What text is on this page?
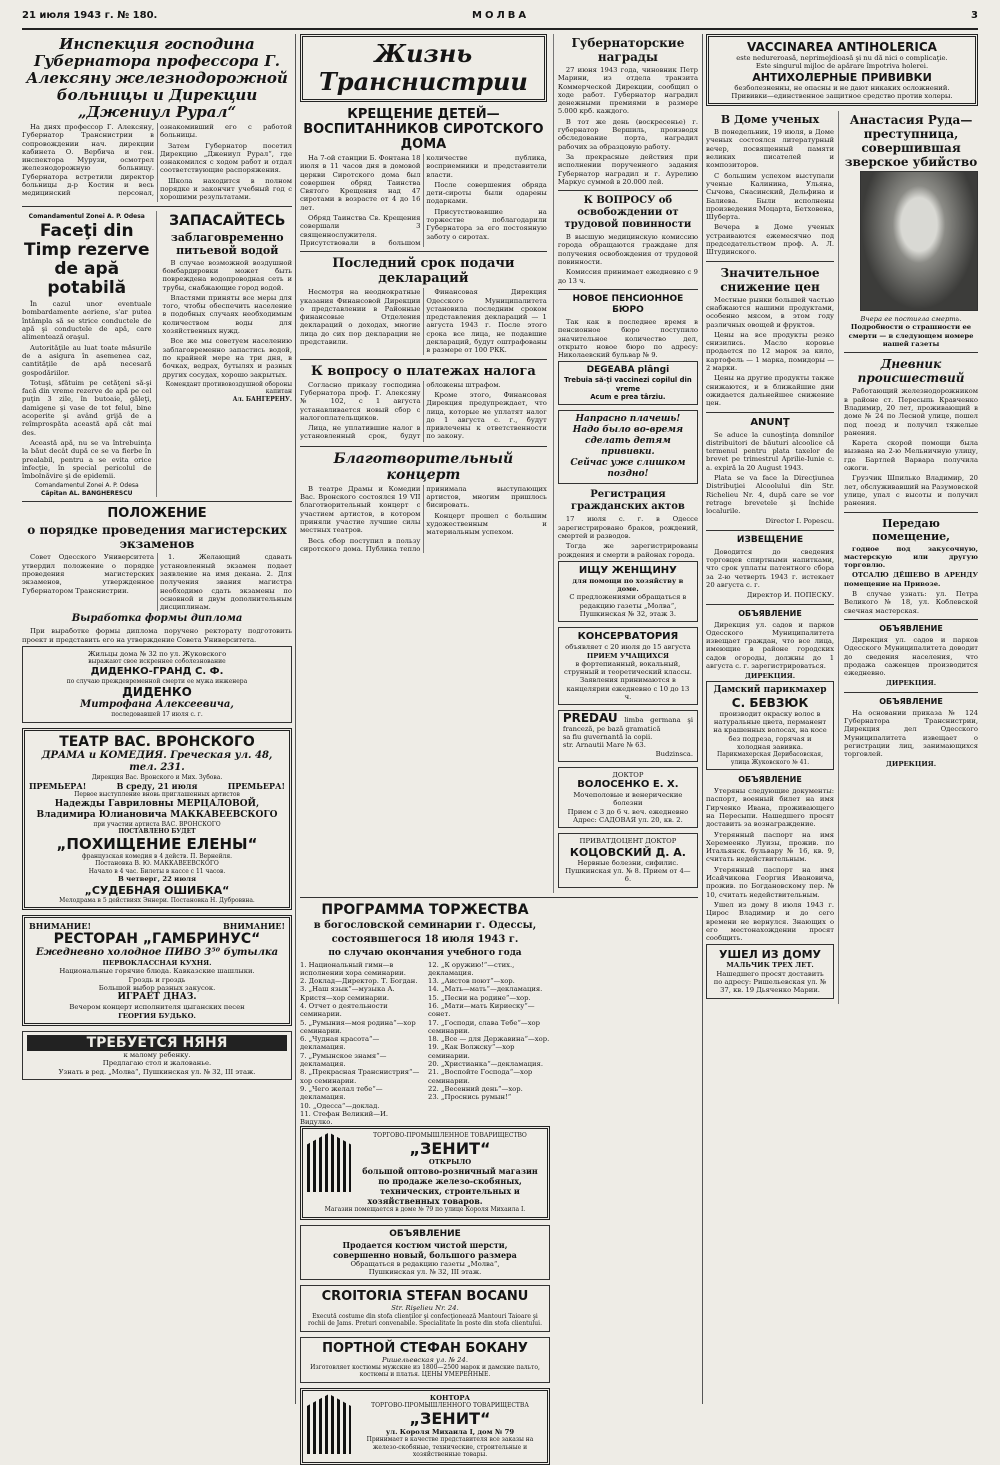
21 июля 1943 г. № 180.	МОЛВА	3
Инспекция господина Губернатора профессора Г. Алексяну железнодорожной больницы и Дирекции „Джениул Рурал“

На днях профессор Г. Алексяну, Губернатор Транснистрии в сопровождении нач. дирекции кабинета О. Вербича и ген. инспектора Мурузи, осмотрел железнодорожную больницу. Губернатора встретили директор больницы д-р Костин и весь медицинский персонал, ознакомивший его с работой больницы.

Затем Губернатор посетил Дирекцию „Джениул Рурал“, где ознакомился с ходом работ и отдал соответствующие распоряжения.

Школа находится в полном порядке и закончит учебный год с хорошими результатами.

Comandamentul Zonei A. P. Odesa
Faceţi din Timp rezerve de apă potabilă

În cazul unor eventuale bombardamente aeriene, s'ar putea întâmpla să se strice conductele de apă şi conductele de apă, care alimentează oraşul.

Autorităţile au luat toate măsurile de a asigura în asemenea caz, cantităţile de apă necesară gospodăriilor.

Totuşi, sfătuim pe cetăţeni să-şi facă din vreme rezerve de apă pe cel puţin 3 zile, în butoaie, găleţi, damigene şi vase de tot felul, bine acoperite şi având grijă de a reîmprospăta această apă cât mai des.

Această apă, nu se va întrebuinţa la băut decât după ce se va fierbe în prealabil, pentru a se evita orice infecţie, în special pericolul de îmbolnăvire şi de epidemii.

Comandamentul Zonei A. P. Odesa
Căpitan AL. BANGHERESCU
ЗАПАСАЙТЕСЬ
заблаговременно питьевой водой

В случае возможной воздушной бомбардировки может быть повреждена водопроводная сеть и трубы, снабжающие город водой.

Властями приняты все меры для того, чтобы обеспечить население в подобных случаях необходимым количеством воды для хозяйственных нужд.

Все же мы советуем населению заблаговременно запастись водой, по крайней мере на три дня, в бочках, ведрах, бутылях и разных других сосудах, хорошо закрытых.

Комендант противовоздушной обороны капитан
Ал. БАНГЕРЕНУ.
ПОЛОЖЕНИЕ
о порядке проведения магистерских экзаменов

Совет Одесского Университета утвердил положение о порядке проведения магистерских экзаменов, утвержденное Губернатором Транснистрии.

1. Желающий сдавать установленный экзамен подает заявление на имя декана. 2. Для получения звания магистра необходимо сдать экзамены по основной и двум дополнительным дисциплинам.

Выработка формы диплома

При выработке формы диплома поручено ректорату подготовить проект и представить его на утверждение Совета Университета.

Жильцы дома № 32 по ул. Жуковского
выражают свое искреннее соболезнование
ДИДЕНКО-ГРАНД С. Ф.
по случаю преждевременной смерти ее мужа инженера
ДИДЕНКО
Митрофана Алексеевича,
последовавшей 17 июля с. г.
ТЕАТР ВАС. ВРОНСКОГО
ДРАМА и КОМЕДИЯ. Греческая ул. 48, тел. 231.
Дирекция Вас. Вронского и Мих. Зубова.
ПРЕМЬЕРА!	В среду, 21 июля	ПРЕМЬЕРА!
Первое выступление вновь приглашенных артистов
Надежды Гавриловны МЕРЦАЛОВОЙ,
Владимира Юлиановича МАККАВЕЕВСКОГО
при участии артиста ВАС. ВРОНСКОГО
ПОСТАВЛЕНО БУДЕТ
„ПОХИЩЕНИЕ ЕЛЕНЫ“
французская комедия в 4 действ. П. Вернейля.
Постановка В. Ю. МАККАВЕЕВСКОГО
Начало в 4 час. Билеты в кассе с 11 часов.
В четверг, 22 июля
„СУДЕБНАЯ ОШИБКА“
Мелодрама в 5 действиях Эннери. Постановка Н. Дуброввна.
ВНИМАНИЕ!	ВНИМАНИЕ!
РЕСТОРАН „ГАМБРИНУС“
Ежедневно холодное ПИВО 3⁵⁰ бутылка
ПЕРВОКЛАССНАЯ КУХНЯ.
Национальные горячие блюда. Кавказские шашлыки.
Гроздь и гроздь
Большой выбор разных закусок.
ИГРАЕТ ДНАЗ.
Вечером концерт исполнителя цыганских песен
ГЕОРГИЯ БУДЬКО.
ТРЕБУЕТСЯ НЯНЯ
к малому ребенку.
Предлагаю стол и жалованье.
Узнать в ред. „Молва“, Пушкинская ул. № 32, III этаж.
Жизнь Транснистрии
КРЕЩЕНИЕ ДЕТЕЙ— ВОСПИТАННИКОВ СИРОТСКОГО ДОМА

На 7-ой станции Б. Фонтана 18 июля в 11 часов дня в домовой церкви Сиротского дома был совершен обряд Таинства Святого Крещения над 47 сиротами в возрасте от 4 до 16 лет.

Обряд Таинства Св. Крещения совершали 3 священнослужителя. Присутствовали в большом количестве публика, восприемники и представители власти.

После совершения обряда дети-сироты были одарены подарками.

Присутствовавшие на торжестве поблагодарили Губернатора за его постоянную заботу о сиротах.

Последний срок подачи деклараций

Несмотря на неоднократные указания Финансовой Дирекции о представлении в Районные финансовые Отделения деклараций о доходах, многие лица до сих пор декларации не представили.

Финансовая Дирекция Одесского Муниципалитета установила последним сроком представления деклараций — 1 августа 1943 г. После этого срока все лица, не подавшие деклараций, будут оштрафованы в размере от 100 РКК.

К вопросу о платежах налога

Согласно приказу господина Губернатора проф. Г. Алексяну № 102, с 1 августа устанавливается новый сбор с налогоплательщиков.

Лица, не уплатившие налог в установленный срок, будут обложены штрафом.

Кроме этого, Финансовая Дирекция предупреждает, что лица, которые не уплатят налог до 1 августа с. г., будут привлечены к ответственности по закону.

Благотворительный концерт

В театре Драмы и Комедии Вас. Вронского состоялся 19 VII благотворительный концерт с участием артистов, в котором приняли участие лучшие силы местных театров.

Весь сбор поступил в пользу сиротского дома. Публика тепло принимала выступающих артистов, многим пришлось бисировать.

Концерт прошел с большим художественным и материальным успехом.

Губернаторские награды

27 июня 1943 года, чиновник Петр Марини, из отдела транзита Коммерческой Дирекции, сообщил о ходе работ. Губернатор наградил денежными премиями в размере 5.000 крб. каждого.

В тот же день (воскресенье) г. губернатор Вершиль, производя обследование порта, наградил рабочих за образцовую работу.

За прекрасные действия при исполнении порученного задания Губернатор наградил и г. Аурелию Маркус суммой в 20.000 лей.

К ВОПРОСУ об освобождении от трудовой повинности

В высшую медицинскую комиссию города обращаются граждане для получения освобождения от трудовой повинности.

Комиссия принимает ежедневно с 9 до 13 ч.

НОВОЕ ПЕНСИОННОЕ БЮРО

Так как в последнее время в пенсионное бюро поступило значительное количество дел, открыто новое бюро по адресу: Николаевский бульвар № 9.

DEGEABA plângi
Trebuia să-ţi vaccinezi copilul din vreme
Acum e prea târziu.
Напрасно плачешь! Надо было во-время сделать детям прививки.
Сейчас уже слишком поздно!
Регистрация гражданских актов

17 июля с. г. в Одессе зарегистрировано браков, рождений, смертей и разводов.

Тогда же зарегистрированы рождения и смерти в районах города.

ИЩУ ЖЕНЩИНУ
для помощи по хозяйству в доме.
С предложениями обращаться в редакцию газеты „Молва“, Пушкинская № 32, этаж 3.
КОНСЕРВАТОРИЯ
объявляет с 20 июля до 15 августа
ПРИЕМ УЧАЩИХСЯ
в фортепианный, вокальный, струнный и теоретический классы. Заявления принимаются в канцелярии ежедневно с 10 до 13 ч.
PREDAU limba germana şi franceză, pe bază gramatică
sa fiu guvernantă la copii.
str. Arnautii Mare № 63.
Budzinsca.
ДОКТОР
ВОЛОСЕНКО Е. Х.
Мочеполовые и венерические болезни
Прием с 3 до 6 ч. веч. ежедневно
Адрес: САДОВАЯ ул. 20, кв. 2.
ПРИВАТДОЦЕНТ ДОКТОР
КОЦОВСКИЙ Д. А.
Нервные болезни, сифилис.
Пушкинская ул. № 8. Прием от 4—6.
ПРОГРАММА ТОРЖЕСТВА
в богословской семинарии г. Одессы,
состоявшегося 18 июля 1943 г.
по случаю окончания учебного года
1. Национальный гимн—в исполнении хора семинарии.
2. Доклад—Директор. Т. Богдан.
3. „Наш язык“—музыка А. Кристя—хор семинарии.
4. Отчет о деятельности семинарии.
5. „Румыния—моя родина“—хор семинарии.
6. „Чудная красота“—декламация.
7. „Румынское знамя“—декламация.
8. „Прекрасная Транснистрия“—хор семинарии.
9. „Чего желал тебе“—декламация.
10. „Одесса“—доклад.
11. Стефан Великий—И. Видулко.
12. „К оружию!“—стих., декламация.
13. „Аистов поют“—хор.
14. „Мать—мать“—декламация.
15. „Песни на родине“—хор.
16. „Мати—мать Кириеску“—сонет.
17. „Господи, слава Тебе“—хор семинарии.
18. „Все — для Державина“—хор.
19. „Как Волжску“—хор семинарии.
20. „Христианка“—декламация.
21. „Воспойте Господа“—хор семинарии.
22. „Весенний день“—хор.
23. „Проснись румын!“
ТОРГОВО-ПРОМЫШЛЕННОЕ ТОВАРИЩЕСТВО
„ЗЕНИТ“
ОТКРЫЛО
большой оптово-розничный магазин по продаже железо-скобяных, технических, строительных и хозяйственных товаров.
Магазин помещается в доме № 79 по улице Короля Михаила I.
ОБЪЯВЛЕНИЕ
Продается костюм чистой шерсти,
совершенно новый, большого размера
Обращаться в редакцию газеты „Молва“,
Пушкинская ул. № 32, III этаж.
CROITORIA STEFAN BOCANU
Str. Rişelieu Nr. 24.
Execută costume din stofa clienţilor şi confecţionează Mantouri Taioare şi rochii de Jams. Preturi convenabile. Specialitate în poste din stofa clientului.
ПОРТНОЙ СТЕФАН БОКАНУ
Ришельевская ул. № 24.
Изготовляет костюмы мужские из 1800—2500 марок и дамские пальто, костюмы и платья. ЦЕНЫ УМЕРЕННЫЕ.
КОНТОРА
ТОРГОВО-ПРОМЫШЛЕННОГО ТОВАРИЩЕСТВА
„ЗЕНИТ“
ул. Короля Михаила I, дом № 79
Принимает в качестве представителя все заказы на железо-скобяные, технические, строительные и хозяйственные товары.
VACCINAREA ANTIHOLERICA
este nedureroasă, neprimejdioasă şi nu dă nici o complicaţie.
Este singurul mijloc de apărare împotriva holerei.
АНТИХОЛЕРНЫЕ ПРИВИВКИ
безболезненны, не опасны и не дают никаких осложнений.
Прививки—единственное защитное средство против холеры.
В Доме ученых

В понедельник, 19 июля, в Доме ученых состоялся литературный вечер, посвященный памяти великих писателей и композиторов.

С большим успехом выступали ученые Калинина, Ульяна, Сычова, Снасинский, Дельфина и Балиева. Были исполнены произведения Моцарта, Бетховена, Шуберта.

Вечера в Доме ученых устраиваются ежемесячно под председательством проф. А. Л. Штудинского.

Значительное снижение цен

Местные рынки большей частью снабжаются нашими продуктами, особенно мясом, в этом году различных овощей и фруктов.

Цены на все продукты резко снизились. Масло коровье продается по 12 марок за кило, картофель — 1 марка, помидоры — 2 марки.

Цены на другие продукты также снижаются, и в ближайшие дни ожидается дальнейшее снижение цен.

ANUNŢ

Se aduce la cunoştinţa domnilor distribuitori de băuturi alcoolice că termenul pentru plata taxelor de brevet pe trimestrul Aprilie-Iunie c. a. expiră la 20 August 1943.

Plata se va face la Direcţiunea Distribuţiei Alcoolului din Str. Richelieu Nr. 4, după care se vor retrage brevetele şi închide localurile.

Director I. Popescu.
ИЗВЕЩЕНИЕ

Доводится до сведения торговцев спиртными напитками, что срок уплаты патентного сбора за 2-ю четверть 1943 г. истекает 20 августа с. г.

Директор И. ПОПЕСКУ.
ОБЪЯВЛЕНИЕ

Дирекция ул. садов и парков Одесского Муниципалитета извещает граждан, что все лица, имеющие в районе городских садов огороды, должны до 1 августа с. г. зарегистрироваться.

ДИРЕКЦИЯ.
Дамский парикмахер
С. БЕВЗЮК
производит окраску волос в натуральные цвета, перманент на крашенных волосах, на косе без подреза, горячая и холодная завивка.
Парикмахерская Дерибасовская, улица Жуковского № 41.
ОБЪЯВЛЕНИЕ

Утеряны следующие документы: паспорт, военный билет на имя Гирченко Ивана, проживающего на Пересыпи. Нашедшего просят доставить за вознаграждение.

Утерянный паспорт на имя Херемеенко Луизы, прожив. по Итальянск. бульвару № 16, кв. 9, считать недействительным.

Утерянный паспорт на имя Исайчикова Георгия Ивановича, прожив. по Богдановскому пер. № 10, считать недействительным.

Ушел из дому 8 июля 1943 г. Цирос Владимир и до сего времени не вернулся. Знающих о его местонахождении просят сообщить.

УШЕЛ ИЗ ДОМУ
МАЛЬЧИК ТРЕХ ЛЕТ.
Нашедшего просят доставить по адресу: Ришельевская ул. № 37, кв. 19 Дьяченко Марии.
Анастасия Руда— преступница, совершившая зверское убийство
Вчера ее постигла смерть.
Подробности о страшности ее смерти — в следующем номере нашей газеты
Дневник происшествий

Работающий железнодорожником в районе ст. Пересыпь Кравченко Владимир, 20 лет, проживающий в доме № 24 по Лесной улице, пошел под поезд и получил тяжелые ранения.

Карета скорой помощи была вызвана на 2-ю Мельничную улицу, где Бартлей Варвара получила ожоги.

Грузчик Шпилько Владимир, 20 лет, обслуживавший на Разумовской улице, упал с высоты и получил ранения.

Передаю помещение,

годное под закусочную, мастерскую или другую торговлю.

ОТСАЛЮ ДЁШЕВО В АРЕНДУ помещение на Привозе.

В случае узнать: ул. Петра Великого № 18, ул. Коблевской свечная мастерская.

ОБЪЯВЛЕНИЕ

Дирекция ул. садов и парков Одесского Муниципалитета доводит до сведения населения, что продажа саженцев производится ежедневно.

ДИРЕКЦИЯ.
ОБЪЯВЛЕНИЕ

На основании приказа № 124 Губернатора Транснистрии, Дирекция дел Одесского Муниципалитета извещает о регистрации лиц, занимающихся торговлей.

ДИРЕКЦИЯ.
